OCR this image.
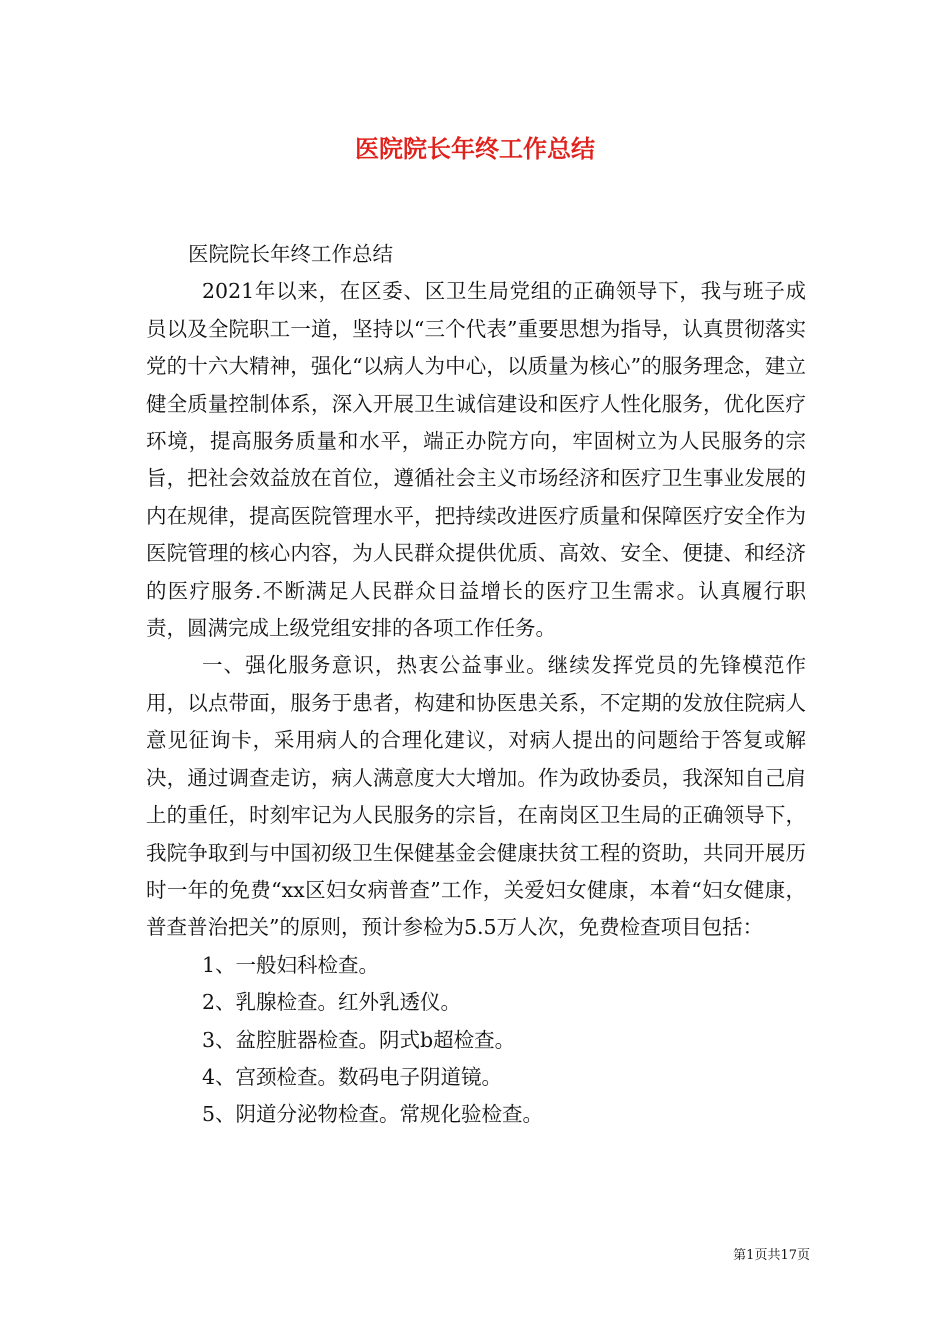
医院院长年终工作总结

医院院长年终工作总结

2021年以来，在区委、区卫生局党组的正确领导下，我与班子成员以及全院职工一道，坚持以“三个代表”重要思想为指导，认真贯彻落实党的十六大精神，强化“以病人为中心，以质量为核心”的服务理念，建立健全质量控制体系，深入开展卫生诚信建设和医疗人性化服务，优化医疗环境，提高服务质量和水平，端正办院方向，牢固树立为人民服务的宗旨，把社会效益放在首位，遵循社会主义市场经济和医疗卫生事业发展的内在规律，提高医院管理水平，把持续改进医疗质量和保障医疗安全作为医院管理的核心内容，为人民群众提供优质、高效、安全、便捷、和经济的医疗服务.不断满足人民群众日益增长的医疗卫生需求。认真履行职责，圆满完成上级党组安排的各项工作任务。

一、强化服务意识，热衷公益事业。继续发挥党员的先锋模范作用，以点带面，服务于患者，构建和协医患关系，不定期的发放住院病人意见征询卡，采用病人的合理化建议，对病人提出的问题给于答复或解决，通过调查走访，病人满意度大大增加。作为政协委员，我深知自己肩上的重任，时刻牢记为人民服务的宗旨，在南岗区卫生局的正确领导下，我院争取到与中国初级卫生保健基金会健康扶贫工程的资助，共同开展历时一年的免费“xx区妇女病普查”工作，关爱妇女健康，本着“妇女健康，普查普治把关”的原则，预计参检为5.5万人次，免费检查项目包括：

1、一般妇科检查。

2、乳腺检查。红外乳透仪。

3、盆腔脏器检查。阴式b超检查。

4、宫颈检查。数码电子阴道镜。

5、阴道分泌物检查。常规化验检查。

第1页共17页
